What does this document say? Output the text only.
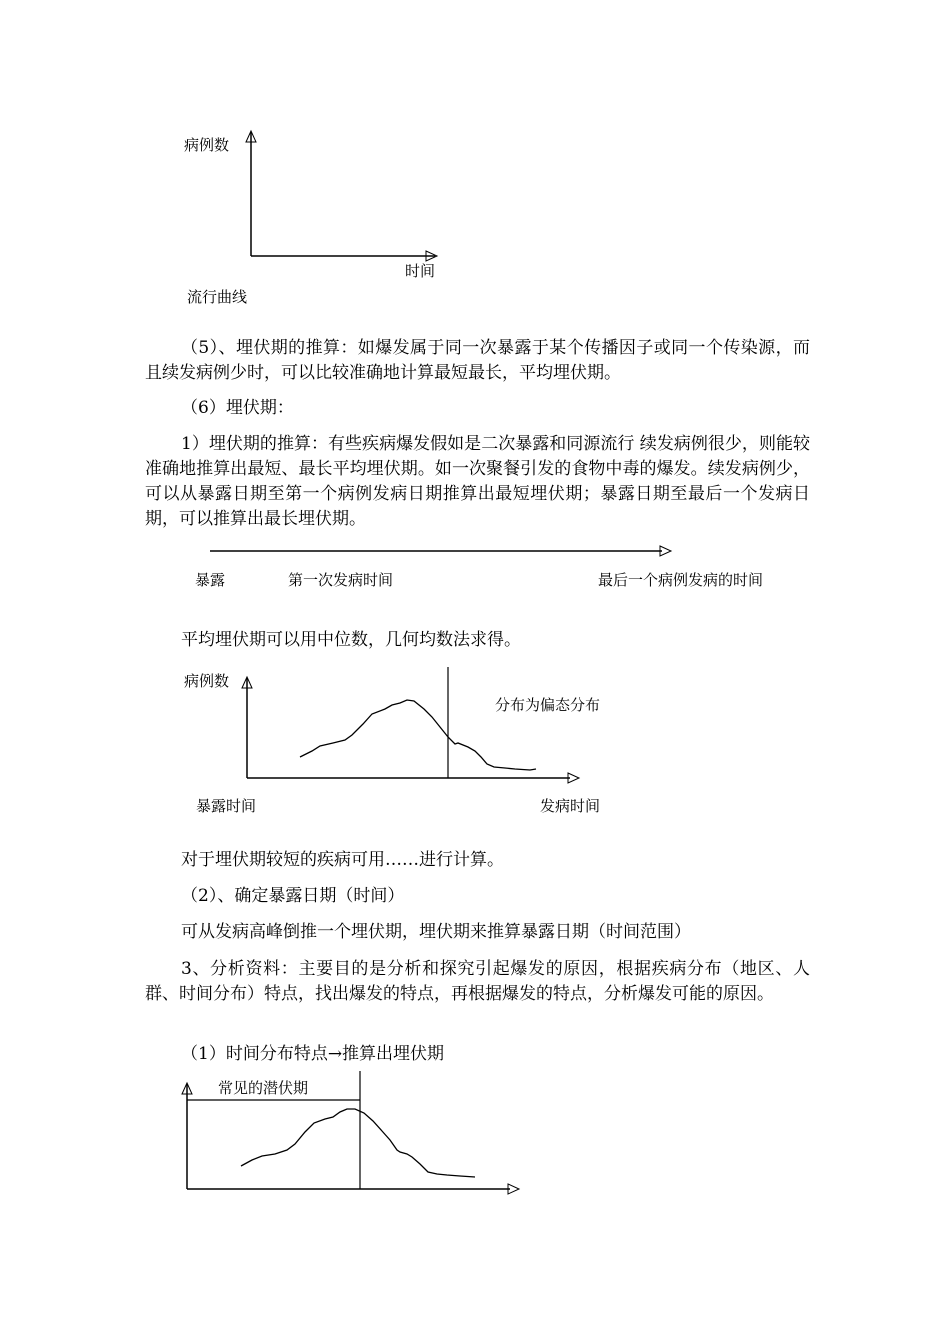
病例数
时间
流行曲线

（5）、埋伏期的推算：如爆发属于同一次暴露于某个传播因子或同一个传染源，而且续发病例少时，可以比较准确地计算最短最长，平均埋伏期。

（6）埋伏期：

1）埋伏期的推算：有些疾病爆发假如是二次暴露和同源流行 续发病例很少，则能较准确地推算出最短、最长平均埋伏期。如一次聚餐引发的食物中毒的爆发。续发病例少，可以从暴露日期至第一个病例发病日期推算出最短埋伏期；暴露日期至最后一个发病日期，可以推算出最长埋伏期。

暴露	第一次发病时间	最后一个病例发病的时间

平均埋伏期可以用中位数，几何均数法求得。

病例数
分布为偏态分布
暴露时间	发病时间

对于埋伏期较短的疾病可用……进行计算。

（2）、确定暴露日期（时间）

可从发病高峰倒推一个埋伏期，埋伏期来推算暴露日期（时间范围）

3、分析资料：主要目的是分析和探究引起爆发的原因，根据疾病分布（地区、人群、时间分布）特点，找出爆发的特点，再根据爆发的特点，分析爆发可能的原因。

（1）时间分布特点→推算出埋伏期

常见的潜伏期
